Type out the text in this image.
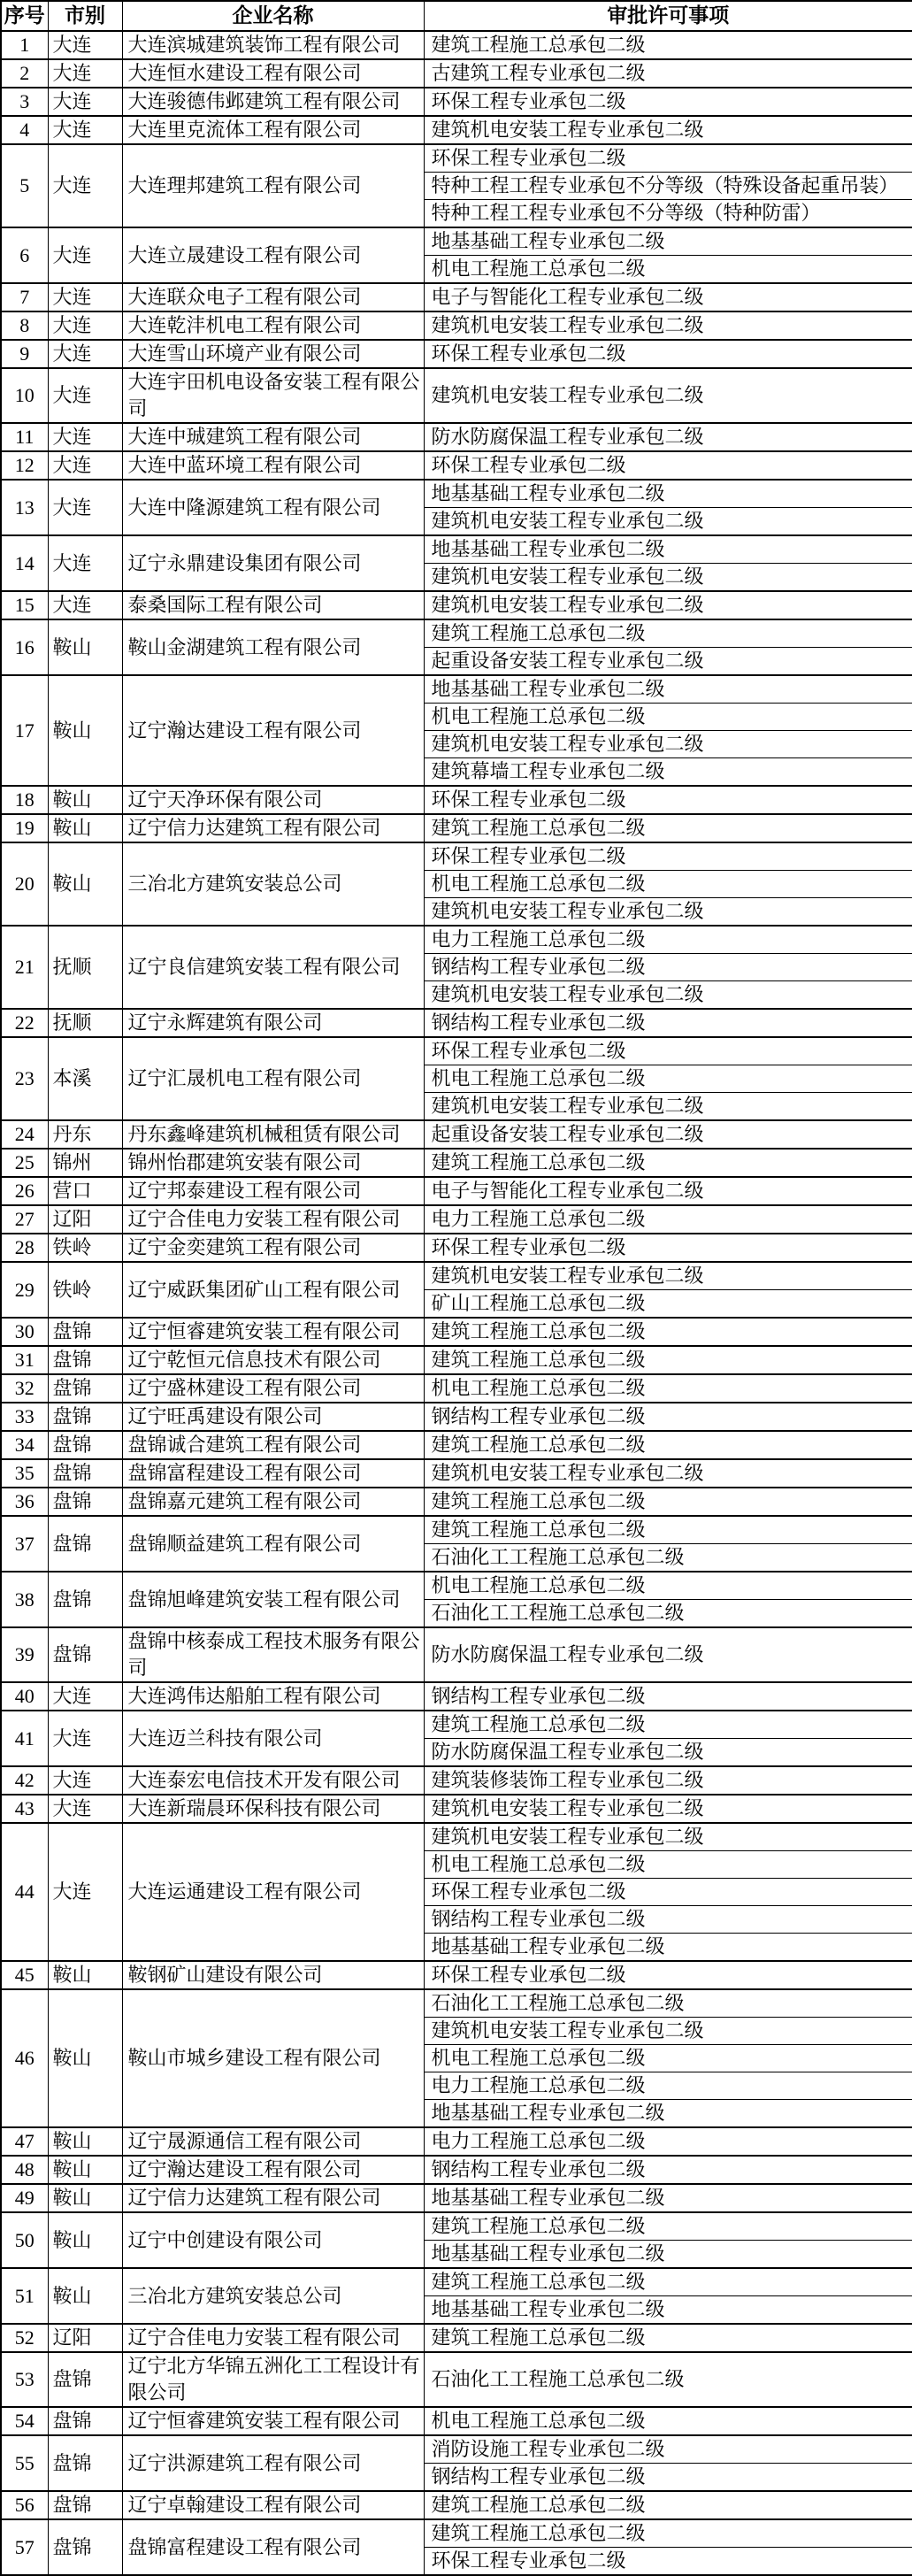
序号	市别	企业名称	审批许可事项
1	大连	大连滨城建筑装饰工程有限公司	建筑工程施工总承包二级
2	大连	大连恒水建设工程有限公司	古建筑工程专业承包二级
3	大连	大连骏德伟邺建筑工程有限公司	环保工程专业承包二级
4	大连	大连里克流体工程有限公司	建筑机电安装工程专业承包二级
5	大连	大连理邦建筑工程有限公司	环保工程专业承包二级
			特种工程工程专业承包不分等级（特殊设备起重吊装）
			特种工程工程专业承包不分等级（特种防雷）
6	大连	大连立晟建设工程有限公司	地基基础工程专业承包二级
			机电工程施工总承包二级
7	大连	大连联众电子工程有限公司	电子与智能化工程专业承包二级
8	大连	大连乾沣机电工程有限公司	建筑机电安装工程专业承包二级
9	大连	大连雪山环境产业有限公司	环保工程专业承包二级
10	大连	大连宇田机电设备安装工程有限公司	建筑机电安装工程专业承包二级
11	大连	大连中珹建筑工程有限公司	防水防腐保温工程专业承包二级
12	大连	大连中蓝环境工程有限公司	环保工程专业承包二级
13	大连	大连中隆源建筑工程有限公司	地基基础工程专业承包二级
			建筑机电安装工程专业承包二级
14	大连	辽宁永鼎建设集团有限公司	地基基础工程专业承包二级
			建筑机电安装工程专业承包二级
15	大连	泰桑国际工程有限公司	建筑机电安装工程专业承包二级
16	鞍山	鞍山金湖建筑工程有限公司	建筑工程施工总承包二级
			起重设备安装工程专业承包二级
17	鞍山	辽宁瀚达建设工程有限公司	地基基础工程专业承包二级
			机电工程施工总承包二级
			建筑机电安装工程专业承包二级
			建筑幕墙工程专业承包二级
18	鞍山	辽宁天净环保有限公司	环保工程专业承包二级
19	鞍山	辽宁信力达建筑工程有限公司	建筑工程施工总承包二级
20	鞍山	三冶北方建筑安装总公司	环保工程专业承包二级
			机电工程施工总承包二级
			建筑机电安装工程专业承包二级
21	抚顺	辽宁良信建筑安装工程有限公司	电力工程施工总承包二级
			钢结构工程专业承包二级
			建筑机电安装工程专业承包二级
22	抚顺	辽宁永辉建筑有限公司	钢结构工程专业承包二级
23	本溪	辽宁汇晟机电工程有限公司	环保工程专业承包二级
			机电工程施工总承包二级
			建筑机电安装工程专业承包二级
24	丹东	丹东鑫峰建筑机械租赁有限公司	起重设备安装工程专业承包二级
25	锦州	锦州怡郡建筑安装有限公司	建筑工程施工总承包二级
26	营口	辽宁邦泰建设工程有限公司	电子与智能化工程专业承包二级
27	辽阳	辽宁合佳电力安装工程有限公司	电力工程施工总承包二级
28	铁岭	辽宁金奕建筑工程有限公司	环保工程专业承包二级
29	铁岭	辽宁威跃集团矿山工程有限公司	建筑机电安装工程专业承包二级
			矿山工程施工总承包二级
30	盘锦	辽宁恒睿建筑安装工程有限公司	建筑工程施工总承包二级
31	盘锦	辽宁乾恒元信息技术有限公司	建筑工程施工总承包二级
32	盘锦	辽宁盛林建设工程有限公司	机电工程施工总承包二级
33	盘锦	辽宁旺禹建设有限公司	钢结构工程专业承包二级
34	盘锦	盘锦诚合建筑工程有限公司	建筑工程施工总承包二级
35	盘锦	盘锦富程建设工程有限公司	建筑机电安装工程专业承包二级
36	盘锦	盘锦嘉元建筑工程有限公司	建筑工程施工总承包二级
37	盘锦	盘锦顺益建筑工程有限公司	建筑工程施工总承包二级
			石油化工工程施工总承包二级
38	盘锦	盘锦旭峰建筑安装工程有限公司	机电工程施工总承包二级
			石油化工工程施工总承包二级
39	盘锦	盘锦中核泰成工程技术服务有限公司	防水防腐保温工程专业承包二级
40	大连	大连鸿伟达船舶工程有限公司	钢结构工程专业承包二级
41	大连	大连迈兰科技有限公司	建筑工程施工总承包二级
			防水防腐保温工程专业承包二级
42	大连	大连泰宏电信技术开发有限公司	建筑装修装饰工程专业承包二级
43	大连	大连新瑞晨环保科技有限公司	建筑机电安装工程专业承包二级
44	大连	大连运通建设工程有限公司	建筑机电安装工程专业承包二级
			机电工程施工总承包二级
			环保工程专业承包二级
			钢结构工程专业承包二级
			地基基础工程专业承包二级
45	鞍山	鞍钢矿山建设有限公司	环保工程专业承包二级
46	鞍山	鞍山市城乡建设工程有限公司	石油化工工程施工总承包二级
			建筑机电安装工程专业承包二级
			机电工程施工总承包二级
			电力工程施工总承包二级
			地基基础工程专业承包二级
47	鞍山	辽宁晟源通信工程有限公司	电力工程施工总承包二级
48	鞍山	辽宁瀚达建设工程有限公司	钢结构工程专业承包二级
49	鞍山	辽宁信力达建筑工程有限公司	地基基础工程专业承包二级
50	鞍山	辽宁中创建设有限公司	建筑工程施工总承包二级
			地基基础工程专业承包二级
51	鞍山	三冶北方建筑安装总公司	建筑工程施工总承包二级
			地基基础工程专业承包二级
52	辽阳	辽宁合佳电力安装工程有限公司	建筑工程施工总承包二级
53	盘锦	辽宁北方华锦五洲化工工程设计有限公司	石油化工工程施工总承包二级
54	盘锦	辽宁恒睿建筑安装工程有限公司	机电工程施工总承包二级
55	盘锦	辽宁洪源建筑工程有限公司	消防设施工程专业承包二级
			钢结构工程专业承包二级
56	盘锦	辽宁卓翰建设工程有限公司	建筑工程施工总承包二级
57	盘锦	盘锦富程建设工程有限公司	建筑工程施工总承包二级
			环保工程专业承包二级
